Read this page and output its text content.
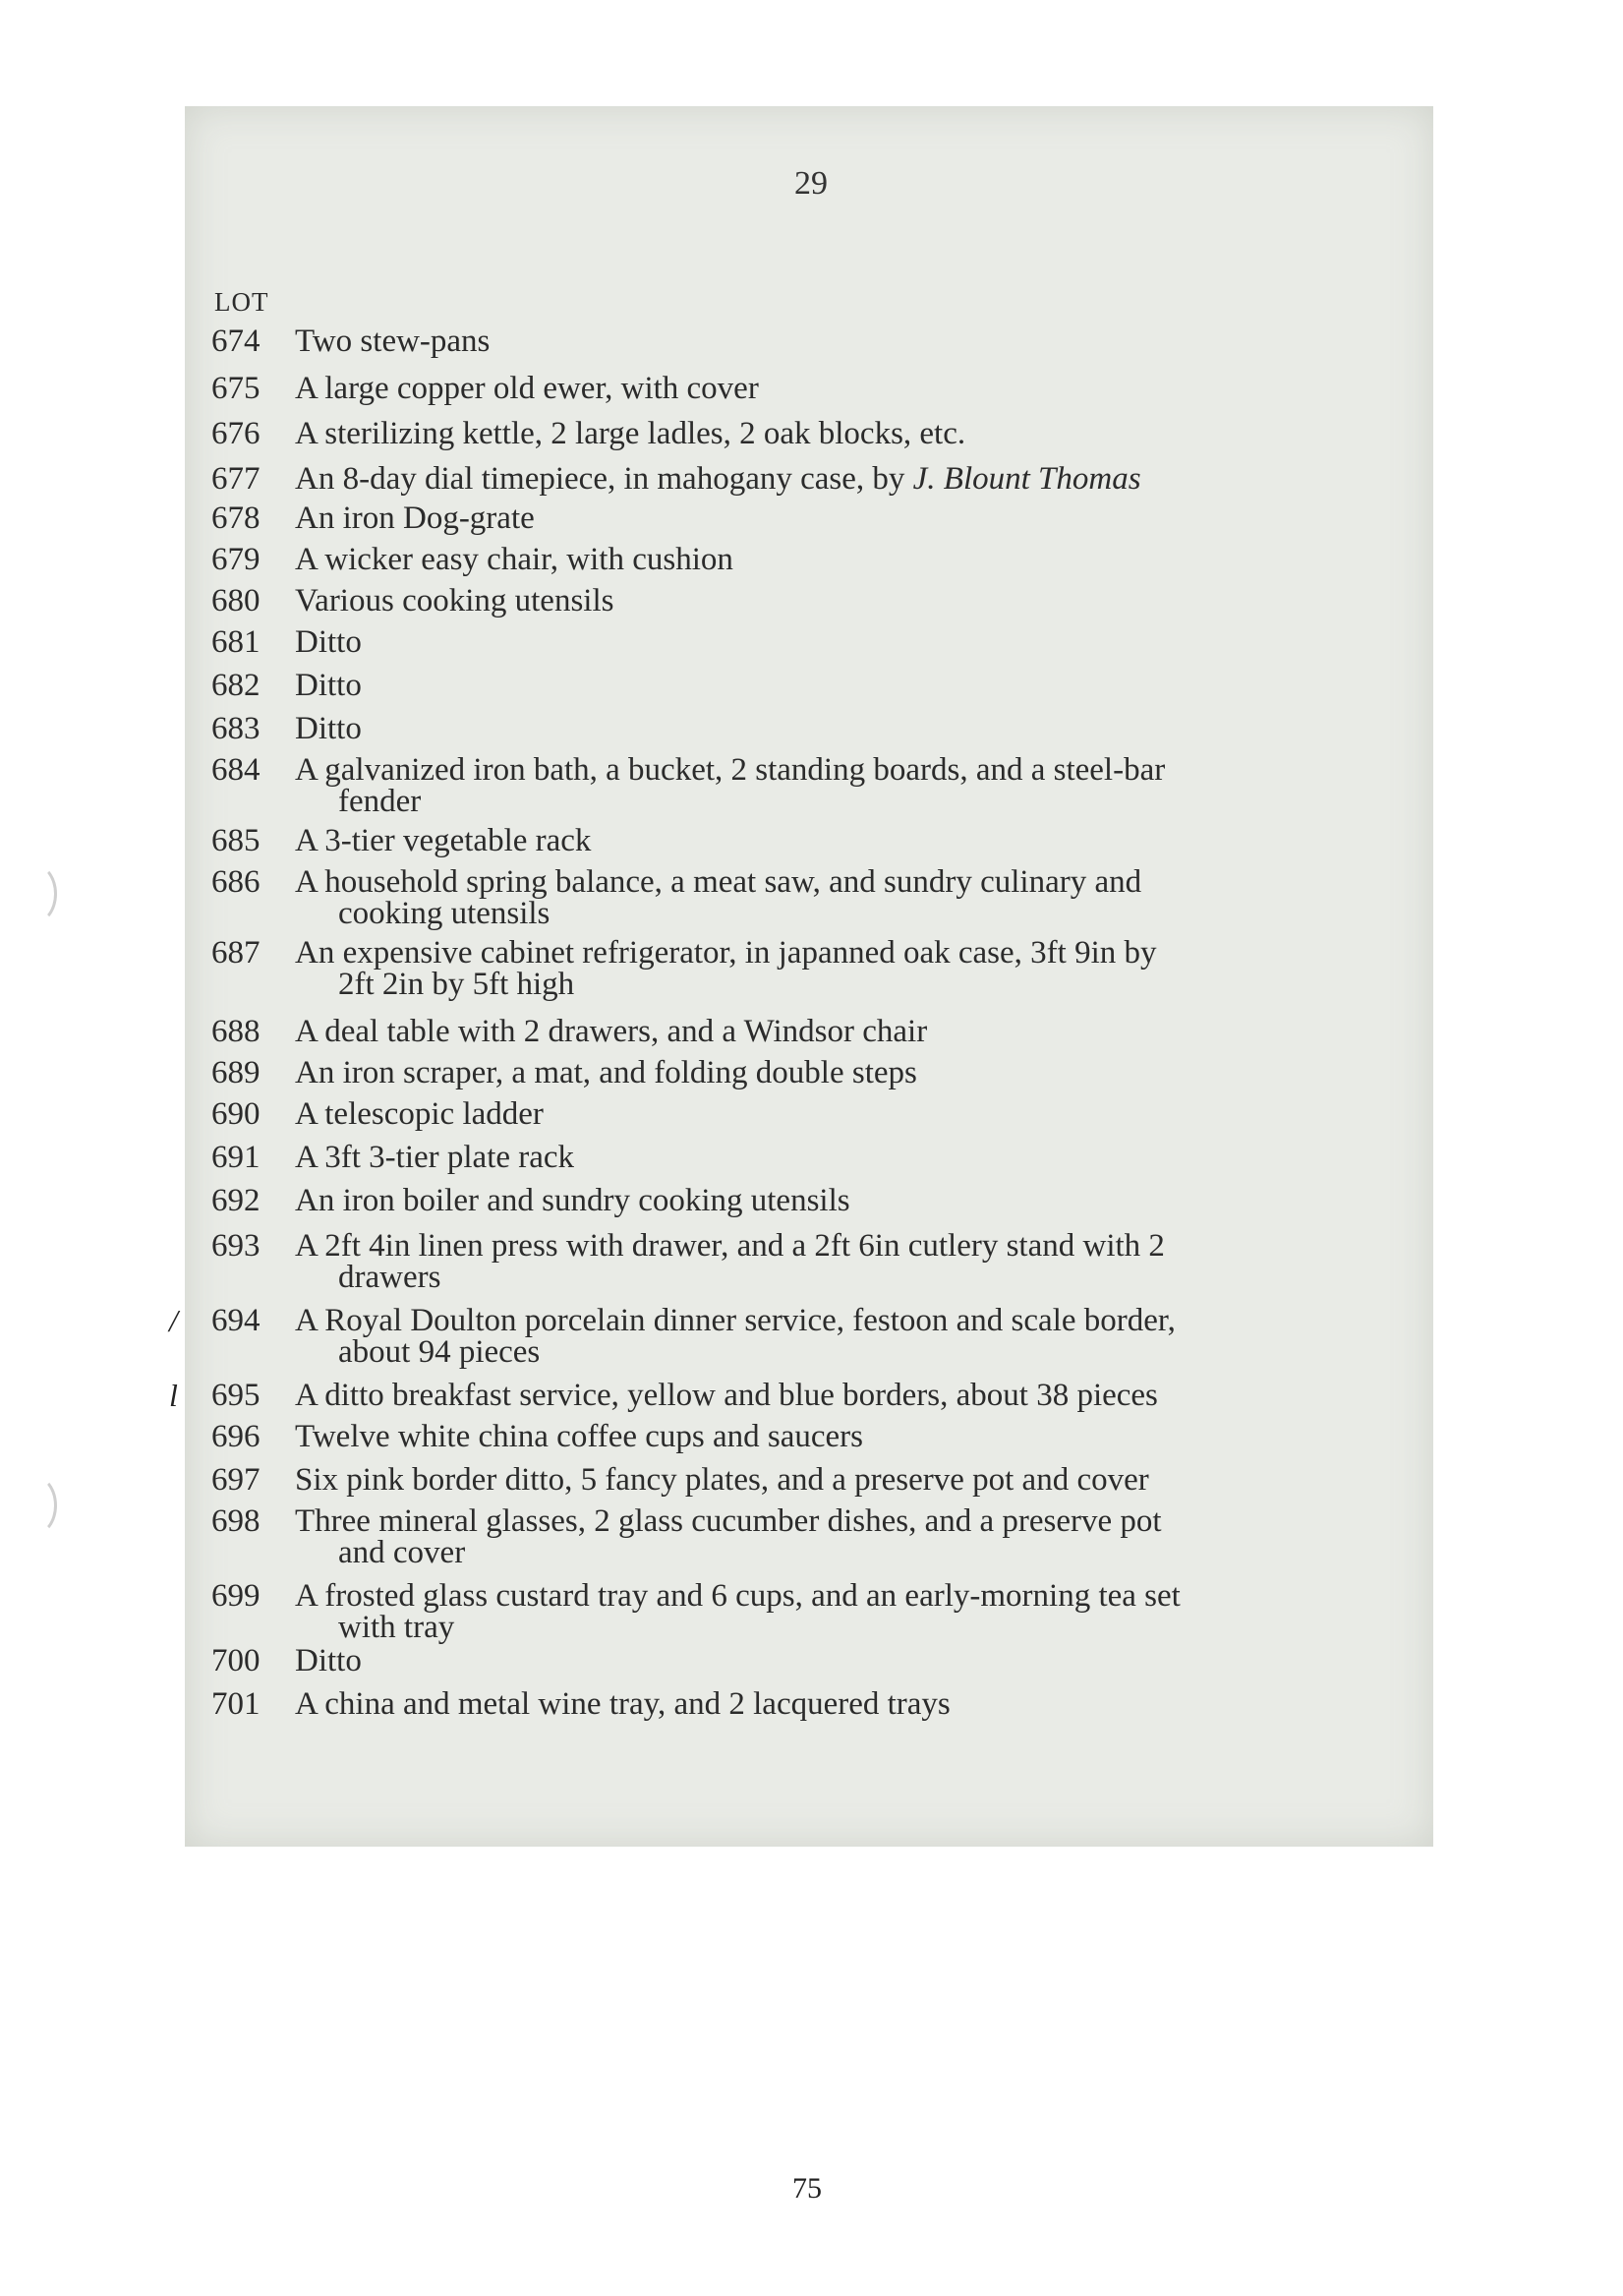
29
LOT
674	Two stew-pans
675	A large copper old ewer, with cover
676	A sterilizing kettle, 2 large ladles, 2 oak blocks, etc.
677	An 8-day dial timepiece, in mahogany case, by J. Blount Thomas
678	An iron Dog-grate
679	A wicker easy chair, with cushion
680	Various cooking utensils
681	Ditto
682	Ditto
683	Ditto
684	A galvanized iron bath, a bucket, 2 standing boards, and a steel-bar
fender
685	A 3-tier vegetable rack
686	A household spring balance, a meat saw, and sundry culinary and
cooking utensils
687	An expensive cabinet refrigerator, in japanned oak case, 3ft 9in by
2ft 2in by 5ft high
688	A deal table with 2 drawers, and a Windsor chair
689	An iron scraper, a mat, and folding double steps
690	A telescopic ladder
691	A 3ft 3-tier plate rack
692	An iron boiler and sundry cooking utensils
693	A 2ft 4in linen press with drawer, and a 2ft 6in cutlery stand with 2
drawers
/	694	A Royal Doulton porcelain dinner service, festoon and scale border,
about 94 pieces
l	695	A ditto breakfast service, yellow and blue borders, about 38 pieces
696	Twelve white china coffee cups and saucers
697	Six pink border ditto, 5 fancy plates, and a preserve pot and cover
698	Three mineral glasses, 2 glass cucumber dishes, and a preserve pot
and cover
699	A frosted glass custard tray and 6 cups, and an early-morning tea set
with tray
700	Ditto
701	A china and metal wine tray, and 2 lacquered trays
75
